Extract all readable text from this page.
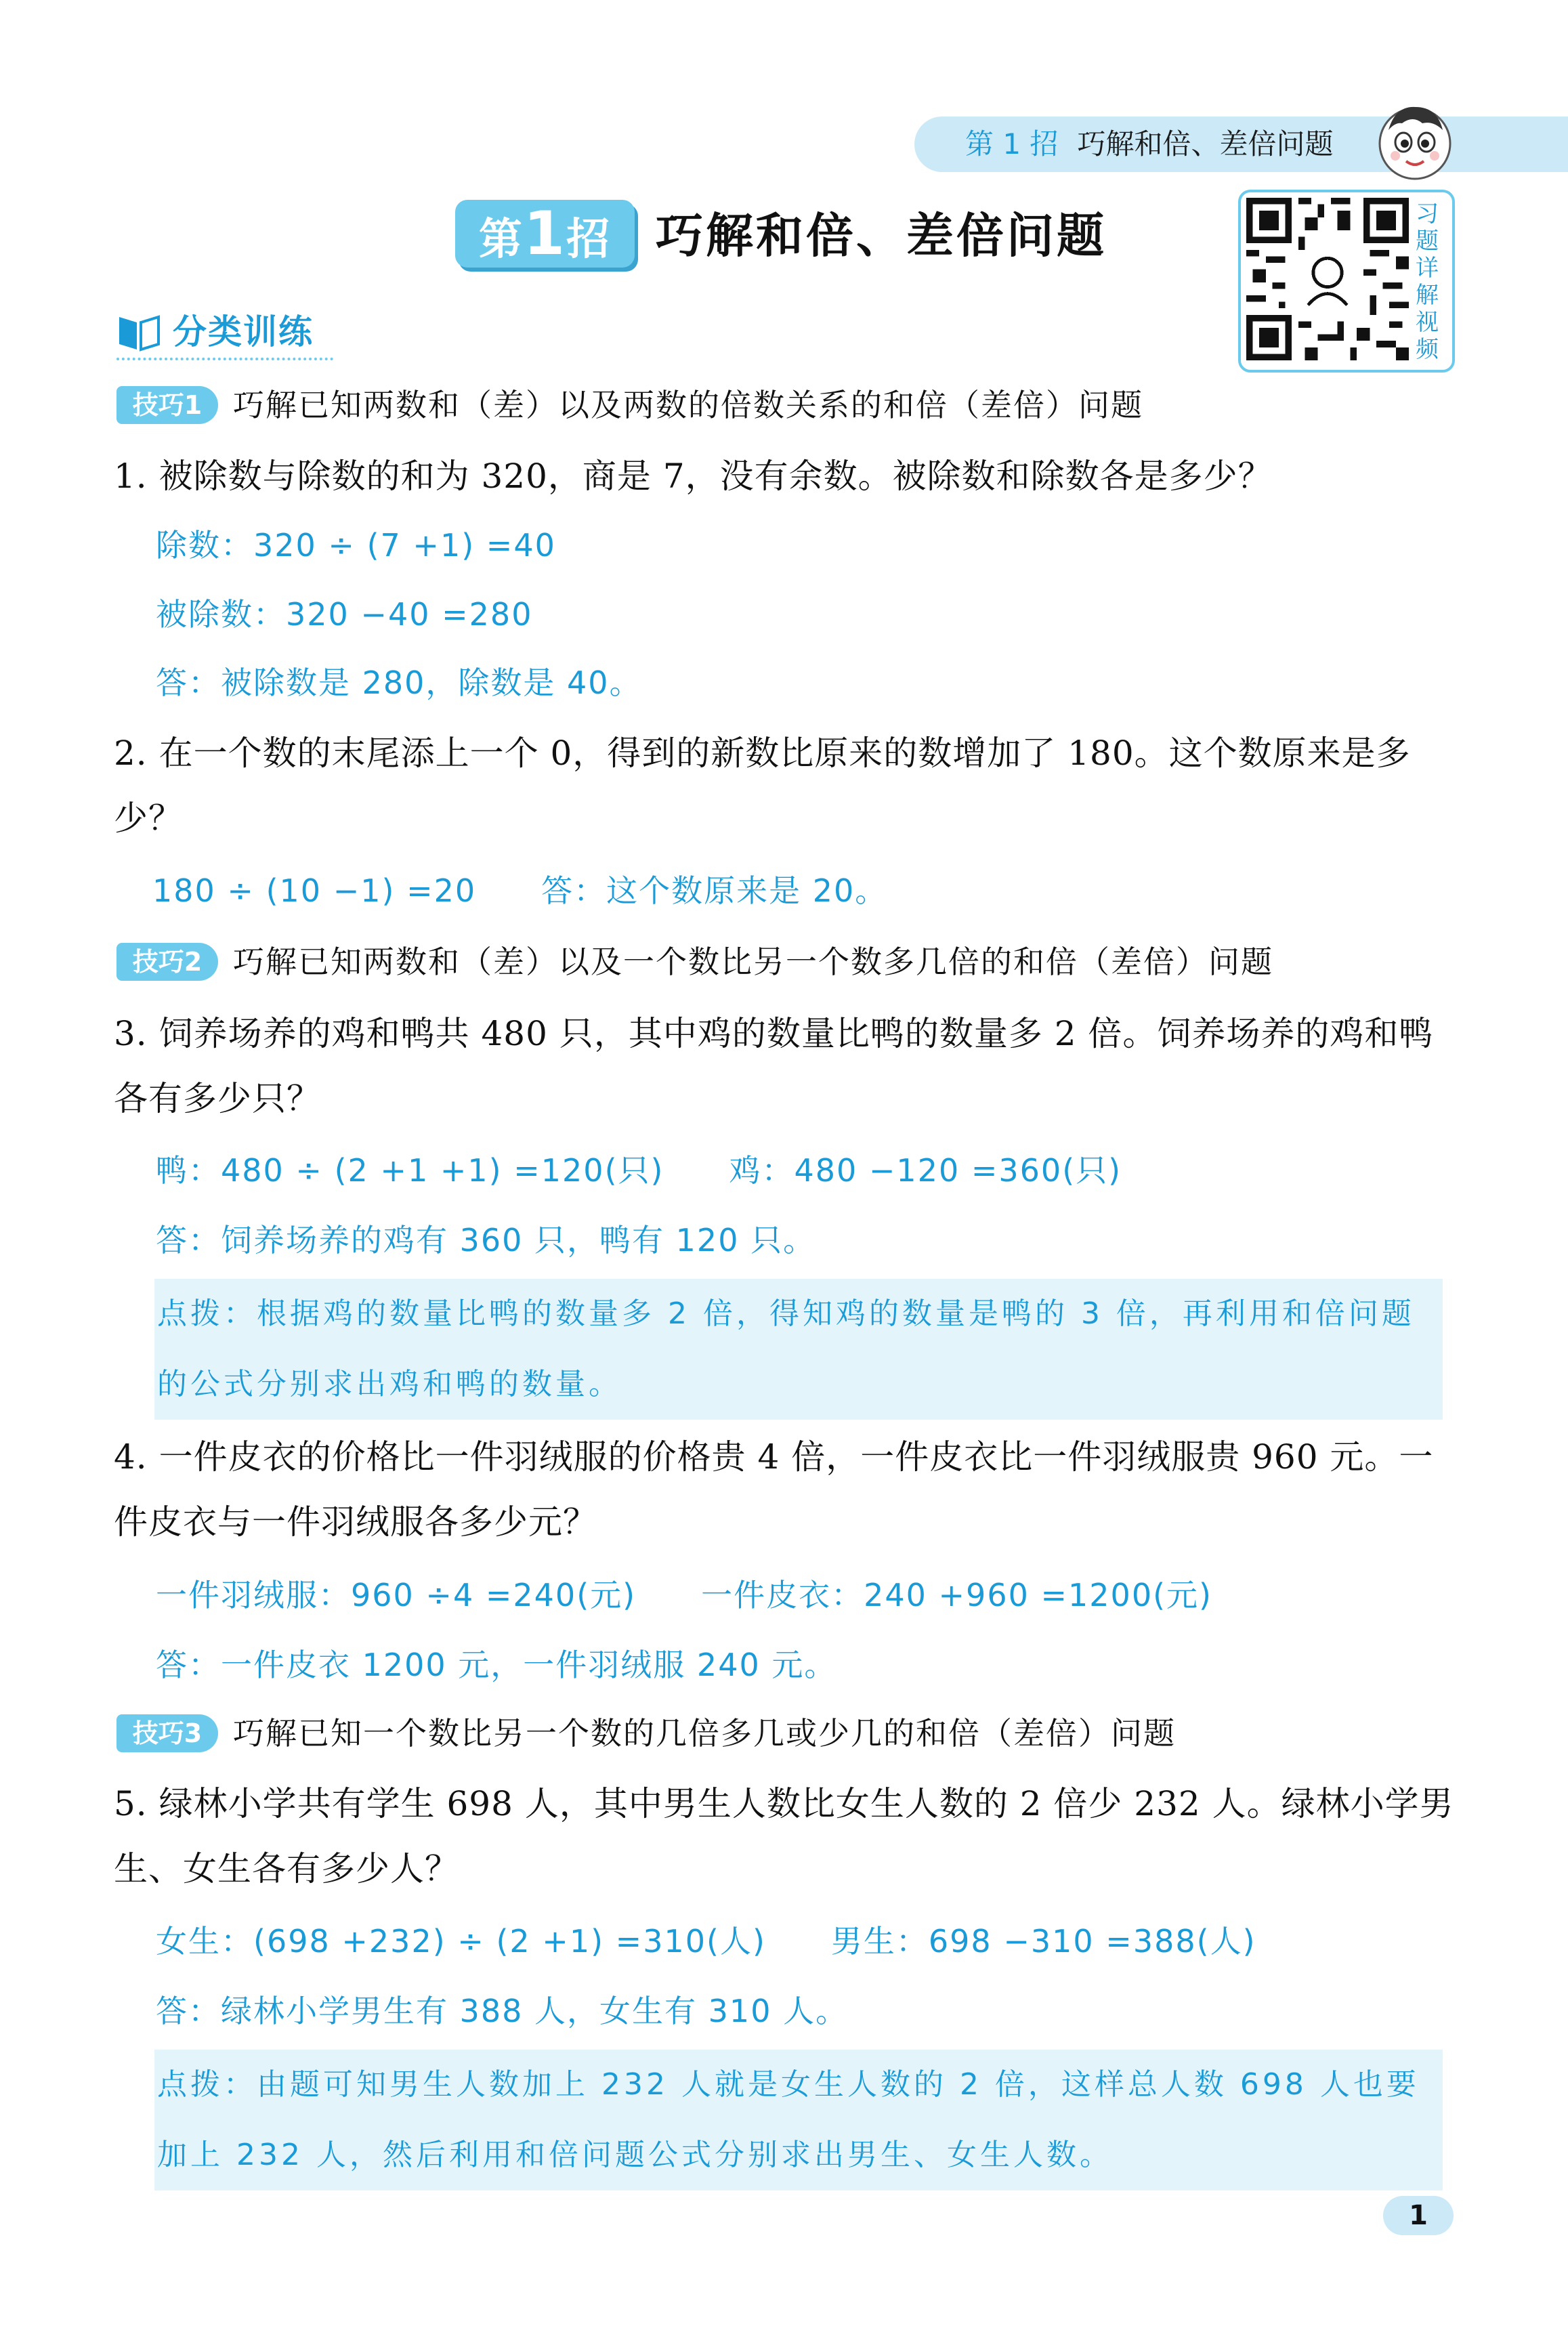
第 1 招 巧解和倍、差倍问题
第1招 巧解和倍、差倍问题	习
题
详
解
视
频
分类训练
技巧1 巧解已知两数和（差）以及两数的倍数关系的和倍（差倍）问题
1. 被除数与除数的和为 320，商是 7，没有余数。被除数和除数各是多少？
除数：320 ÷ (7 +1) =40
被除数：320 −40 =280
答：被除数是 280，除数是 40。
2. 在一个数的末尾添上一个 0，得到的新数比原来的数增加了 180。这个数原来是多少？
180 ÷ (10 −1) =20　　答：这个数原来是 20。
技巧2 巧解已知两数和（差）以及一个数比另一个数多几倍的和倍（差倍）问题
3. 饲养场养的鸡和鸭共 480 只，其中鸡的数量比鸭的数量多 2 倍。饲养场养的鸡和鸭各有多少只？
鸭：480 ÷ (2 +1 +1) =120(只)　　鸡：480 −120 =360(只)
答：饲养场养的鸡有 360 只，鸭有 120 只。
点拨：根据鸡的数量比鸭的数量多 2 倍，得知鸡的数量是鸭的 3 倍，再利用和倍问题的公式分别求出鸡和鸭的数量。
4. 一件皮衣的价格比一件羽绒服的价格贵 4 倍，一件皮衣比一件羽绒服贵 960 元。一件皮衣与一件羽绒服各多少元？
一件羽绒服：960 ÷4 =240(元)　　一件皮衣：240 +960 =1200(元)
答：一件皮衣 1200 元，一件羽绒服 240 元。
技巧3 巧解已知一个数比另一个数的几倍多几或少几的和倍（差倍）问题
5. 绿林小学共有学生 698 人，其中男生人数比女生人数的 2 倍少 232 人。绿林小学男生、女生各有多少人？
女生：(698 +232) ÷ (2 +1) =310(人)　　男生：698 −310 =388(人)
答：绿林小学男生有 388 人，女生有 310 人。
点拨：由题可知男生人数加上 232 人就是女生人数的 2 倍，这样总人数 698 人也要加上 232 人，然后利用和倍问题公式分别求出男生、女生人数。
1
